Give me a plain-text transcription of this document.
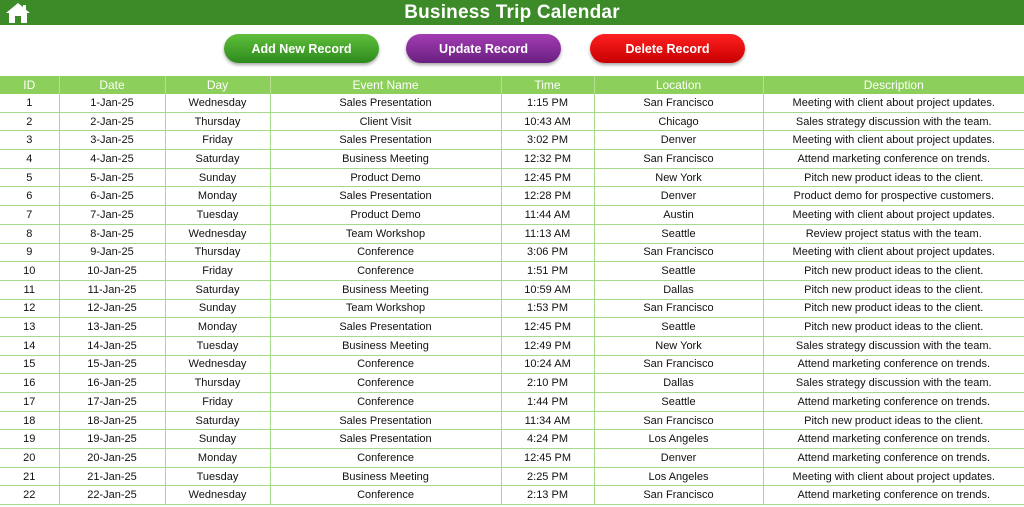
Business Trip Calendar
Add New Record	Update Record	Delete Record
ID	Date	Day	Event Name	Time	Location	Description
1	1-Jan-25	Wednesday	Sales Presentation	1:15 PM	San Francisco	Meeting with client about project updates.
2	2-Jan-25	Thursday	Client Visit	10:43 AM	Chicago	Sales strategy discussion with the team.
3	3-Jan-25	Friday	Sales Presentation	3:02 PM	Denver	Meeting with client about project updates.
4	4-Jan-25	Saturday	Business Meeting	12:32 PM	San Francisco	Attend marketing conference on trends.
5	5-Jan-25	Sunday	Product Demo	12:45 PM	New York	Pitch new product ideas to the client.
6	6-Jan-25	Monday	Sales Presentation	12:28 PM	Denver	Product demo for prospective customers.
7	7-Jan-25	Tuesday	Product Demo	11:44 AM	Austin	Meeting with client about project updates.
8	8-Jan-25	Wednesday	Team Workshop	11:13 AM	Seattle	Review project status with the team.
9	9-Jan-25	Thursday	Conference	3:06 PM	San Francisco	Meeting with client about project updates.
10	10-Jan-25	Friday	Conference	1:51 PM	Seattle	Pitch new product ideas to the client.
11	11-Jan-25	Saturday	Business Meeting	10:59 AM	Dallas	Pitch new product ideas to the client.
12	12-Jan-25	Sunday	Team Workshop	1:53 PM	San Francisco	Pitch new product ideas to the client.
13	13-Jan-25	Monday	Sales Presentation	12:45 PM	Seattle	Pitch new product ideas to the client.
14	14-Jan-25	Tuesday	Business Meeting	12:49 PM	New York	Sales strategy discussion with the team.
15	15-Jan-25	Wednesday	Conference	10:24 AM	San Francisco	Attend marketing conference on trends.
16	16-Jan-25	Thursday	Conference	2:10 PM	Dallas	Sales strategy discussion with the team.
17	17-Jan-25	Friday	Conference	1:44 PM	Seattle	Attend marketing conference on trends.
18	18-Jan-25	Saturday	Sales Presentation	11:34 AM	San Francisco	Pitch new product ideas to the client.
19	19-Jan-25	Sunday	Sales Presentation	4:24 PM	Los Angeles	Attend marketing conference on trends.
20	20-Jan-25	Monday	Conference	12:45 PM	Denver	Attend marketing conference on trends.
21	21-Jan-25	Tuesday	Business Meeting	2:25 PM	Los Angeles	Meeting with client about project updates.
22	22-Jan-25	Wednesday	Conference	2:13 PM	San Francisco	Attend marketing conference on trends.
